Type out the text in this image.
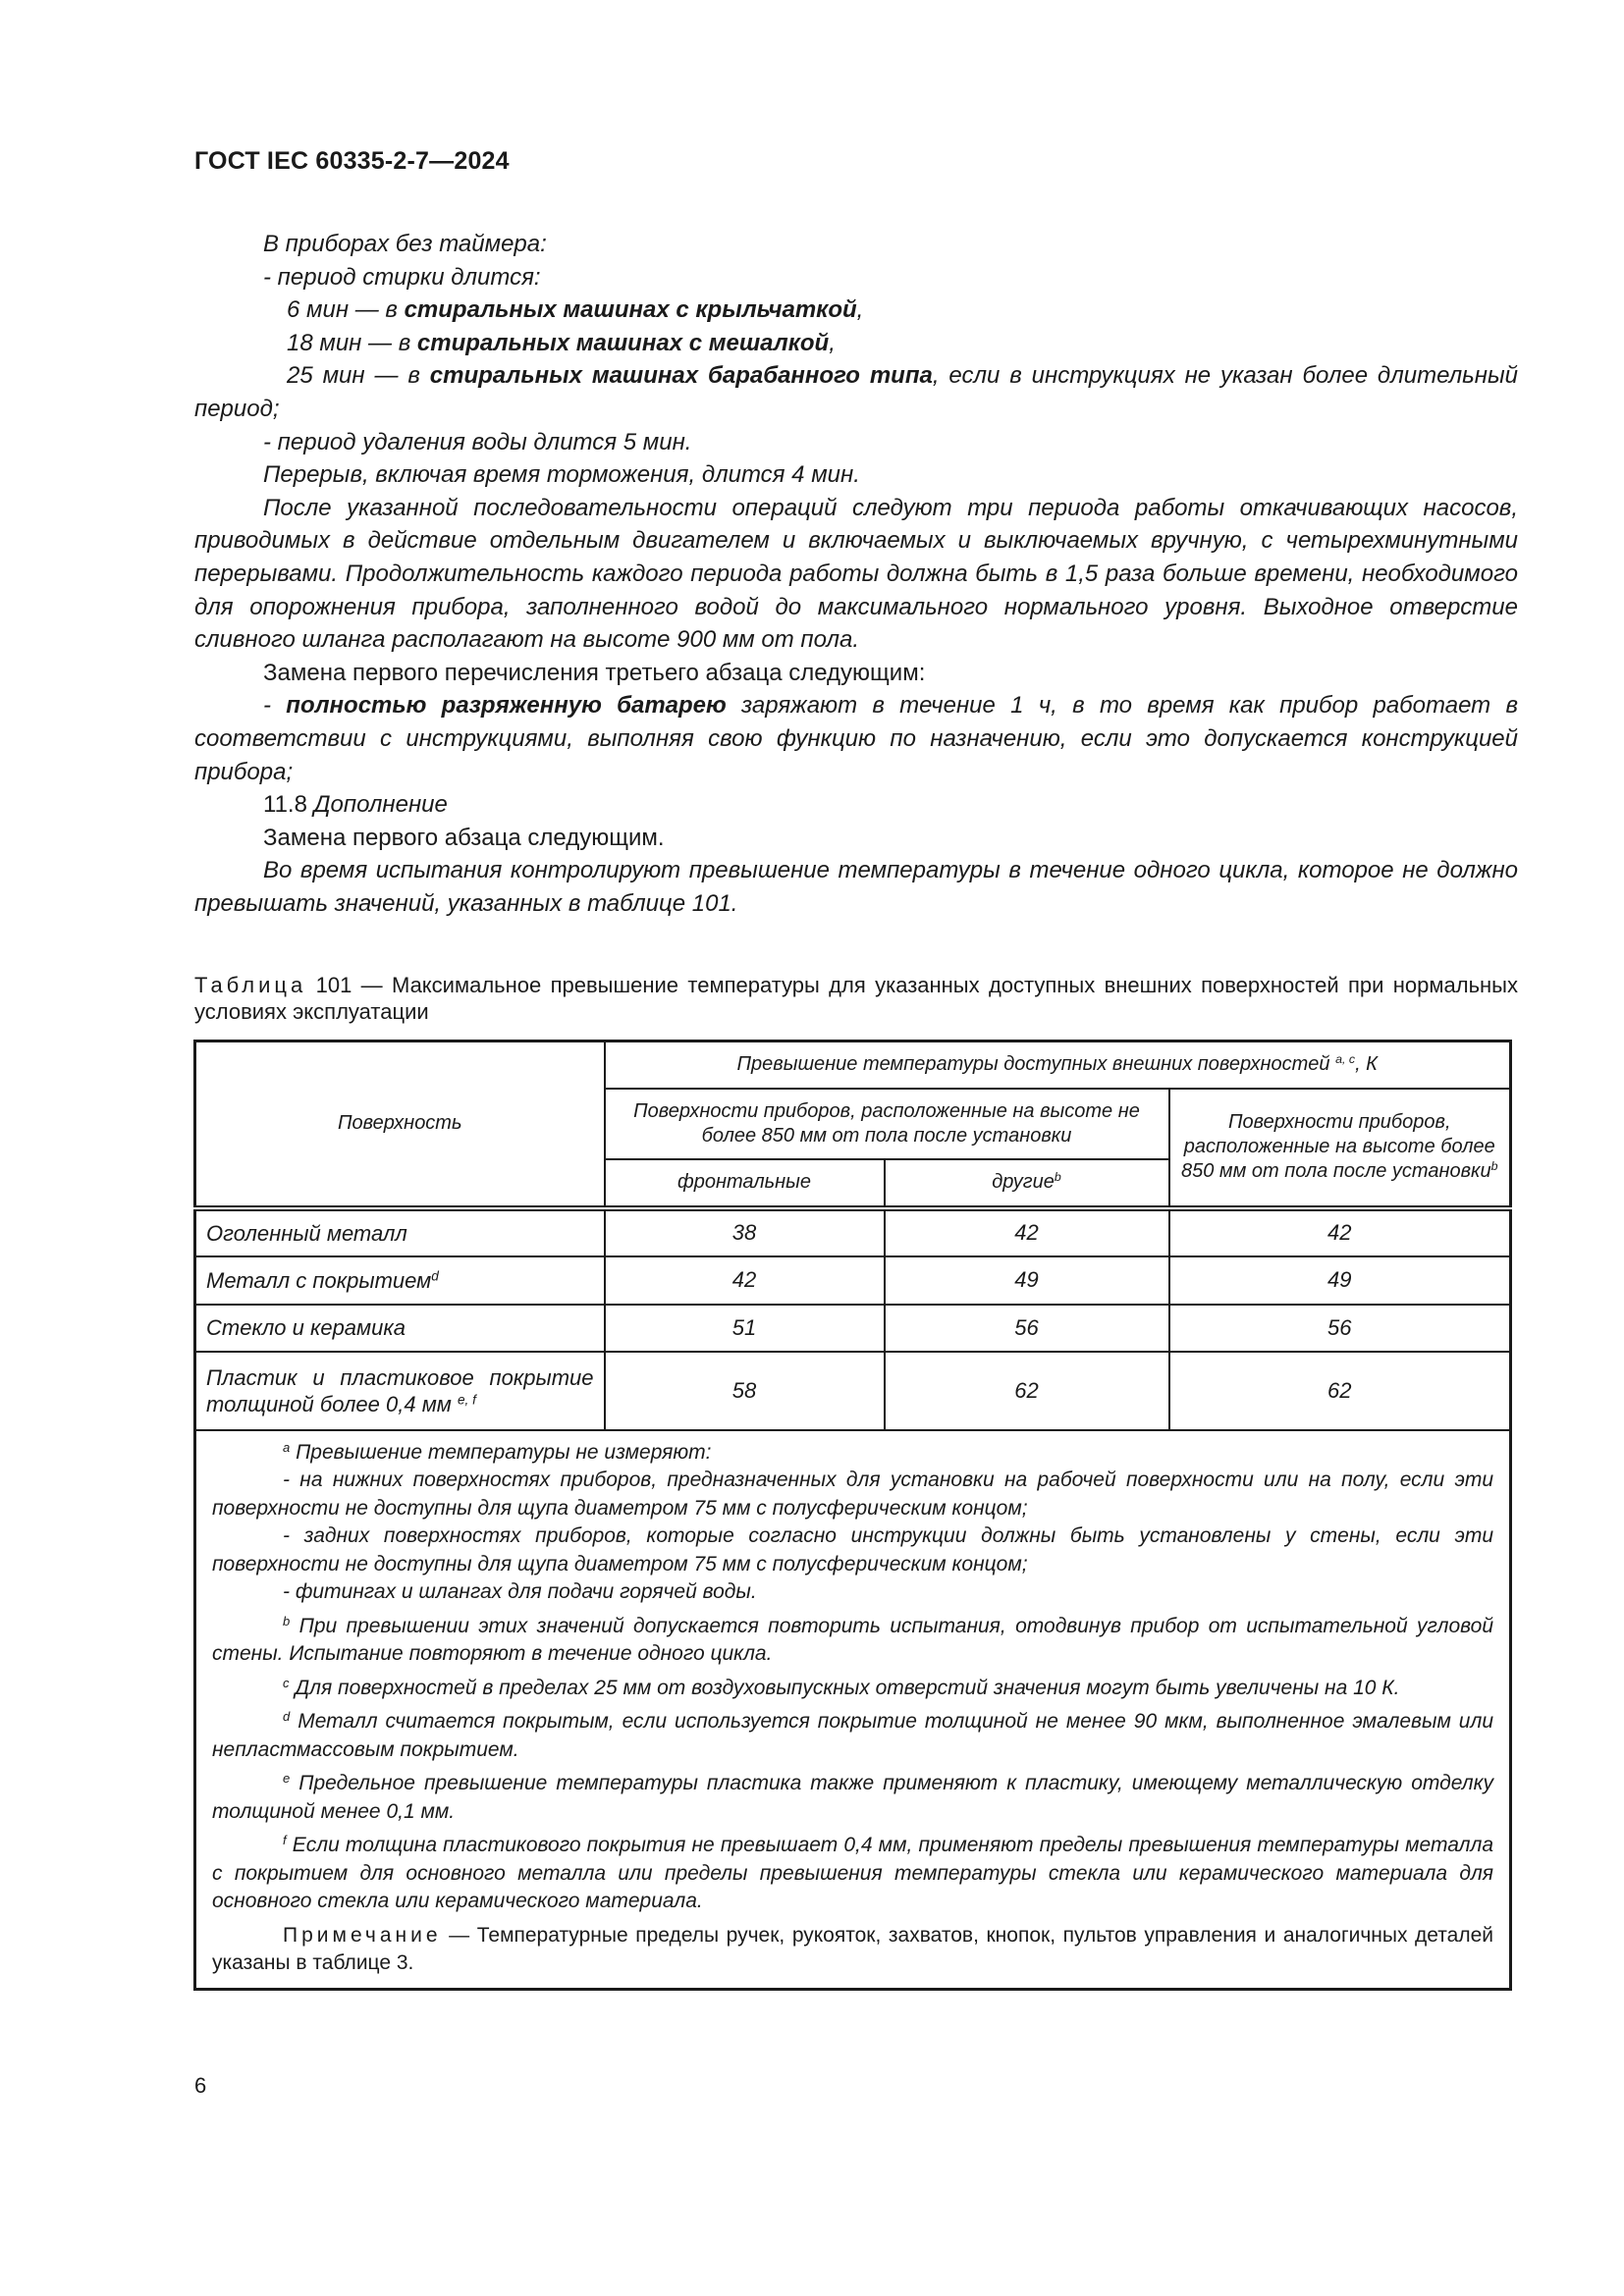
ГОСТ IEC 60335-2-7—2024

В приборах без таймера:

- период стирки длится:

6 мин — в стиральных машинах с крыльчаткой,

18 мин — в стиральных машинах с мешалкой,

25 мин — в стиральных машинах барабанного типа, если в инструкциях не указан более длительный период;

- период удаления воды длится 5 мин.

Перерыв, включая время торможения, длится 4 мин.

После указанной последовательности операций следуют три периода работы откачивающих насосов, приводимых в действие отдельным двигателем и включаемых и выключаемых вручную, с четырехминутными перерывами. Продолжительность каждого периода работы должна быть в 1,5 раза больше времени, необходимого для опорожнения прибора, заполненного водой до максимального нормального уровня. Выходное отверстие сливного шланга располагают на высоте 900 мм от пола.

Замена первого перечисления третьего абзаца следующим:

- полностью разряженную батарею заряжают в течение 1 ч, в то время как прибор работает в соответствии с инструкциями, выполняя свою функцию по назначению, если это допускается конструкцией прибора;

11.8 Дополнение

Замена первого абзаца следующим.

Во время испытания контролируют превышение температуры в течение одного цикла, которое не должно превышать значений, указанных в таблице 101.

Таблица 101 — Максимальное превышение температуры для указанных доступных внешних поверхностей при нормальных условиях эксплуатации
Поверхность	Превышение температуры доступных внешних поверхностей $^{a, c}$, К		
	Поверхности приборов, расположенные на высоте не более 850 мм от пола после установки		Поверхности приборов, расположенные на высоте более 850 мм от пола после установки$^b$
	фронтальные	другие$^b$
Оголенный металл	38	42	42
Металл с покрытием$^d$	42	49	49
Стекло и керамика	51	56	56
Пластик и пластиковое покрытие толщиной более 0,4 мм $^{e, f}$	58	62	62

$^a$ Превышение температуры не измеряют:

- на нижних поверхностях приборов, предназначенных для установки на рабочей поверхности или на полу, если эти поверхности не доступны для щупа диаметром 75 мм с полусферическим концом;

- задних поверхностях приборов, которые согласно инструкции должны быть установлены у стены, если эти поверхности не доступны для щупа диаметром 75 мм с полусферическим концом;

- фитингах и шлангах для подачи горячей воды.

$^b$ При превышении этих значений допускается повторить испытания, отодвинув прибор от испытательной угловой стены. Испытание повторяют в течение одного цикла.

$^c$ Для поверхностей в пределах 25 мм от воздуховыпускных отверстий значения могут быть увеличены на 10 К.

$^d$ Металл считается покрытым, если используется покрытие толщиной не менее 90 мкм, выполненное эмалевым или непластмассовым покрытием.

$^e$ Предельное превышение температуры пластика также применяют к пластику, имеющему металлическую отделку толщиной менее 0,1 мм.

$^f$ Если толщина пластикового покрытия не превышает 0,4 мм, применяют пределы превышения температуры металла с покрытием для основного металла или пределы превышения температуры стекла или керамического материала для основного стекла или керамического материала.

Примечание — Температурные пределы ручек, рукояток, захватов, кнопок, пультов управления и аналогичных деталей указаны в таблице 3.

6
